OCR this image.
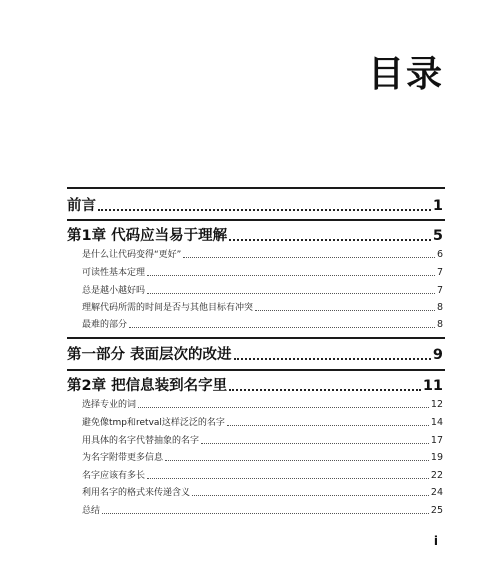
目录
前言	1
第1章 代码应当易于理解	5
是什么让代码变得“更好”	6
可读性基本定理	7
总是越小越好吗	7
理解代码所需的时间是否与其他目标有冲突	8
最难的部分	8
第一部分 表面层次的改进	9
第2章 把信息装到名字里	11
选择专业的词	12
避免像tmp和retval这样泛泛的名字	14
用具体的名字代替抽象的名字	17
为名字附带更多信息	19
名字应该有多长	22
利用名字的格式来传递含义	24
总结	25
i
